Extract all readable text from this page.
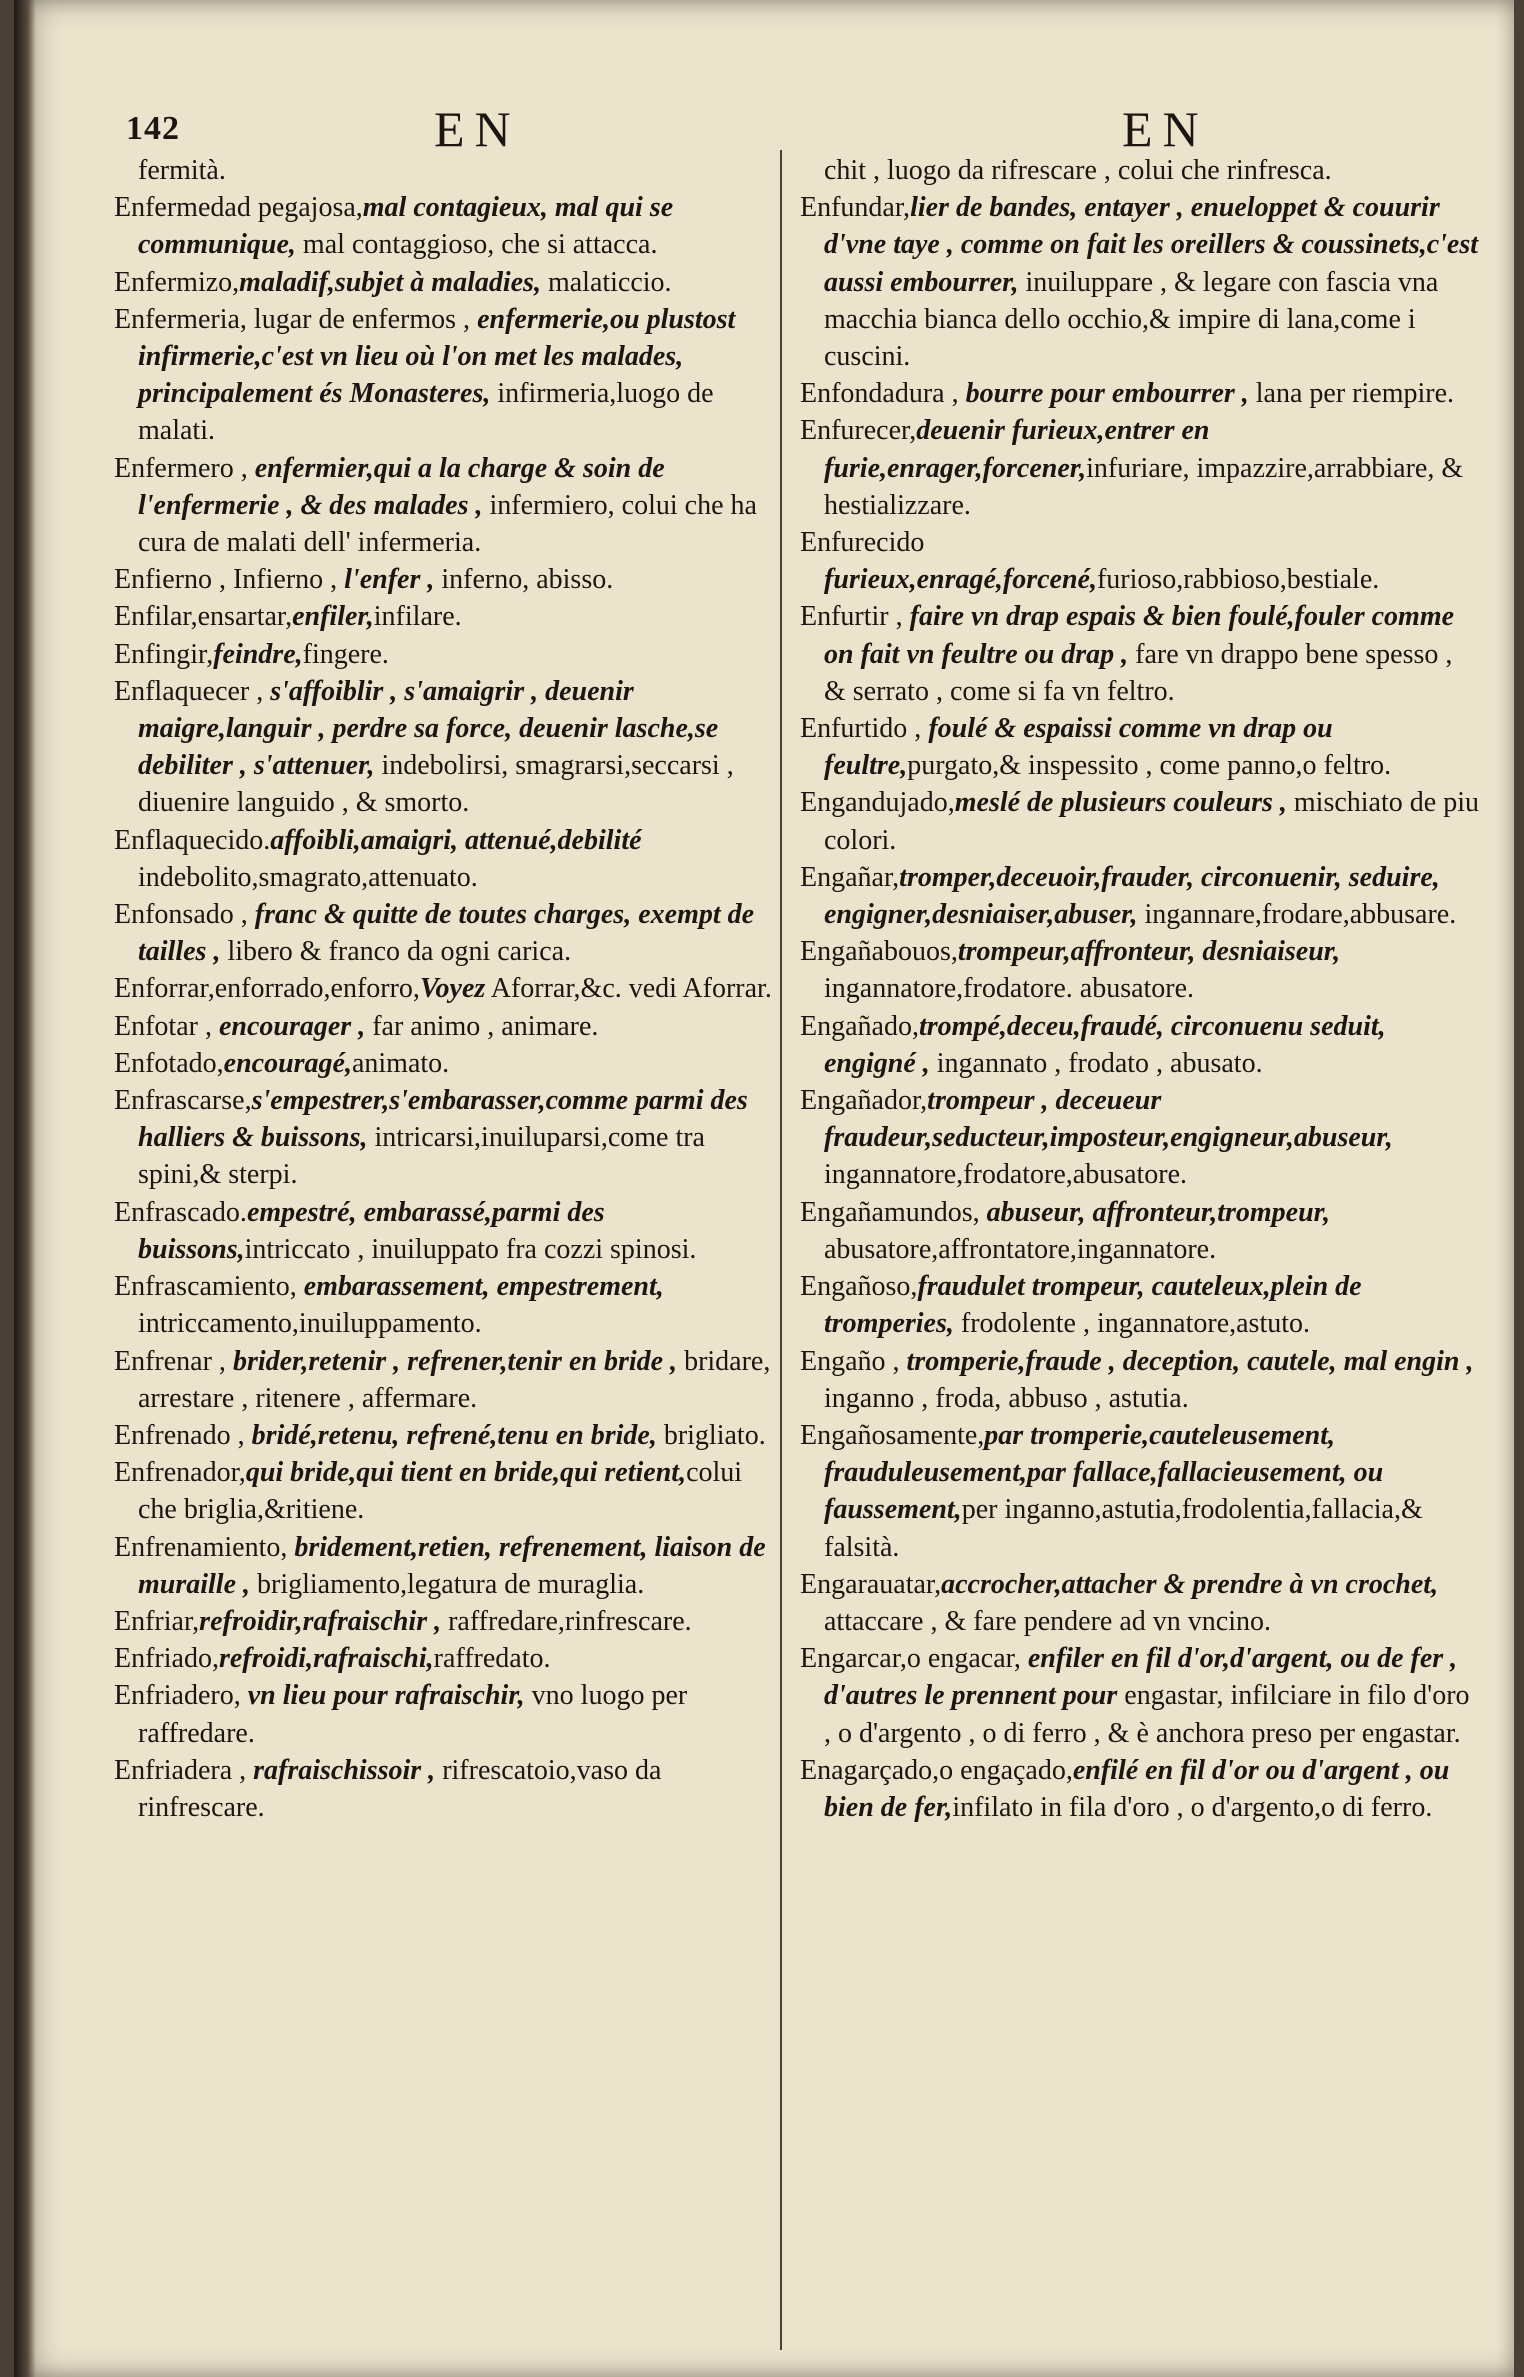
142	EN	EN

fermità.

Enfermedad pegajosa,mal contagieux, mal qui se communique, mal contaggioso, che si attacca.

Enfermizo,maladif,subjet à maladies, malaticcio.

Enfermeria, lugar de enfermos , enfermerie,ou plustost infirmerie,c'est vn lieu où l'on met les malades, principalement és Monasteres, infirmeria,luogo de malati.

Enfermero , enfermier,qui a la charge & soin de l'enfermerie , & des malades , infermiero, colui che ha cura de malati dell' infermeria.

Enfierno , Infierno , l'enfer , inferno, abisso.

Enfilar,ensartar,enfiler,infilare.

Enfingir,feindre,fingere.

Enflaquecer , s'affoiblir , s'amaigrir , deuenir maigre,languir , perdre sa force, deuenir lasche,se debiliter , s'attenuer, indebolirsi, smagrarsi,seccarsi , diuenire languido , & smorto.

Enflaquecido.affoibli,amaigri, attenué,debilité indebolito,smagrato,attenuato.

Enfonsado , franc & quitte de toutes charges, exempt de tailles , libero & franco da ogni carica.

Enforrar,enforrado,enforro,Voyez Aforrar,&c. vedi Aforrar.

Enfotar , encourager , far animo , animare.

Enfotado,encouragé,animato.

Enfrascarse,s'empestrer,s'embarasser,comme parmi des halliers & buissons, intricarsi,inuiluparsi,come tra spini,& sterpi.

Enfrascado.empestré, embarassé,parmi des buissons,intriccato , inuiluppato fra cozzi spinosi.

Enfrascamiento, embarassement, empestrement, intriccamento,inuiluppamento.

Enfrenar , brider,retenir , refrener,tenir en bride , bridare, arrestare , ritenere , affermare.

Enfrenado , bridé,retenu, refrené,tenu en bride, brigliato.

Enfrenador,qui bride,qui tient en bride,qui retient,colui che briglia,&ritiene.

Enfrenamiento, bridement,retien, refrenement, liaison de muraille , brigliamento,legatura de muraglia.

Enfriar,refroidir,rafraischir , raffredare,rinfrescare.

Enfriado,refroidi,rafraischi,raffredato.

Enfriadero, vn lieu pour rafraischir, vno luogo per raffredare.

Enfriadera , rafraischissoir , rifrescatoio,vaso da rinfrescare.

chit , luogo da rifrescare , colui che rinfresca.

Enfundar,lier de bandes, entayer , enueloppet & couurir d'vne taye , comme on fait les oreillers & coussinets,c'est aussi embourrer, inuiluppare , & legare con fascia vna macchia bianca dello occhio,& impire di lana,come i cuscini.

Enfondadura , bourre pour embourrer , lana per riempire.

Enfurecer,deuenir furieux,entrer en furie,enrager,forcener,infuriare, impazzire,arrabbiare, & hestializzare.

Enfurecido furieux,enragé,forcené,furioso,rabbioso,bestiale.

Enfurtir , faire vn drap espais & bien foulé,fouler comme on fait vn feultre ou drap , fare vn drappo bene spesso , & serrato , come si fa vn feltro.

Enfurtido , foulé & espaissi comme vn drap ou feultre,purgato,& inspessito , come panno,o feltro.

Engandujado,meslé de plusieurs couleurs , mischiato de piu colori.

Engañar,tromper,deceuoir,frauder, circonuenir, seduire, engigner,desniaiser,abuser, ingannare,frodare,abbusare.

Engañabouos,trompeur,affronteur, desniaiseur, ingannatore,frodatore. abusatore.

Engañado,trompé,deceu,fraudé, circonuenu seduit, engigné , ingannato , frodato , abusato.

Engañador,trompeur , deceueur fraudeur,seducteur,imposteur,engigneur,abuseur, ingannatore,frodatore,abusatore.

Engañamundos, abuseur, affronteur,trompeur, abusatore,affrontatore,ingannatore.

Engañoso,fraudulet trompeur, cauteleux,plein de tromperies, frodolente , ingannatore,astuto.

Engaño , tromperie,fraude , deception, cautele, mal engin , inganno , froda, abbuso , astutia.

Engañosamente,par tromperie,cauteleusement, frauduleusement,par fallace,fallacieusement, ou faussement,per inganno,astutia,frodolentia,fallacia,& falsità.

Engarauatar,accrocher,attacher & prendre à vn crochet, attaccare , & fare pendere ad vn vncino.

Engarcar,o engacar, enfiler en fil d'or,d'argent, ou de fer , d'autres le prennent pour engastar, infilciare in filo d'oro , o d'argento , o di ferro , & è anchora preso per engastar.

Enagarçado,o engaçado,enfilé en fil d'or ou d'argent , ou bien de fer,infilato in fila d'oro , o d'argento,o di ferro.
